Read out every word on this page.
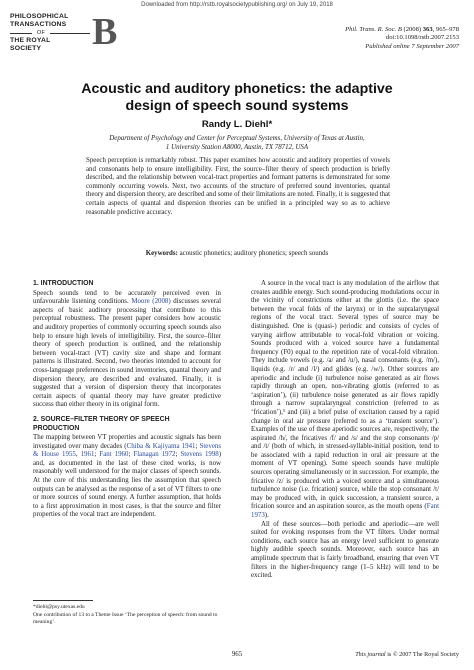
Downloaded from http://rstb.royalsocietypublishing.org/ on July 19, 2018
PHILOSOPHICAL
TRANSACTIONS
OF
THE ROYAL
SOCIETY	B	Phil. Trans. R. Soc. B (2008) 363, 965–978
doi:10.1098/rstb.2007.2153
Published online 7 September 2007
Acoustic and auditory phonetics: the adaptive
design of speech sound systems
Randy L. Diehl*
Department of Psychology and Center for Perceptual Systems, University of Texas at Austin,
1 University Station A8000, Austin, TX 78712, USA
Speech perception is remarkably robust. This paper examines how acoustic and auditory properties of vowels and consonants help to ensure intelligibility. First, the source–filter theory of speech production is briefly described, and the relationship between vocal-tract properties and formant patterns is demonstrated for some commonly occurring vowels. Next, two accounts of the structure of preferred sound inventories, quantal theory and dispersion theory, are described and some of their limitations are noted. Finally, it is suggested that certain aspects of quantal and dispersion theories can be unified in a principled way so as to achieve reasonable predictive accuracy.
Keywords: acoustic phonetics; auditory phonetics; speech sounds
1. INTRODUCTION

Speech sounds tend to be accurately perceived even in unfavourable listening conditions. Moore (2008) discusses several aspects of basic auditory processing that contribute to this perceptual robustness. The present paper considers how acoustic and auditory properties of commonly occurring speech sounds also help to ensure high levels of intelligibility. First, the source–filter theory of speech production is outlined, and the relationship between vocal-tract (VT) cavity size and shape and formant patterns is illustrated. Second, two theories intended to account for cross-language preferences in sound inventories, quantal theory and dispersion theory, are described and evaluated. Finally, it is suggested that a version of dispersion theory that incorporates certain aspects of quantal theory may have greater predictive success than either theory in its original form.

2. SOURCE–FILTER THEORY OF SPEECH
PRODUCTION

The mapping between VT properties and acoustic signals has been investigated over many decades (Chiba & Kajiyama 1941; Stevens & House 1955, 1961; Fant 1960; Flanagan 1972; Stevens 1998) and, as documented in the last of these cited works, is now reasonably well understood for the major classes of speech sounds. At the core of this understanding lies the assumption that speech outputs can be analysed as the response of a set of VT filters to one or more sources of sound energy. A further assumption, that holds to a first approximation in most cases, is that the source and filter properties of the vocal tract are independent.

A source in the vocal tract is any modulation of the airflow that creates audible energy. Such sound-producing modulations occur in the vicinity of constrictions either at the glottis (i.e. the space between the vocal folds of the larynx) or in the supralaryngeal regions of the vocal tract. Several types of source may be distinguished. One is (quasi-) periodic and consists of cycles of varying airflow attributable to vocal-fold vibration or voicing. Sounds produced with a voiced source have a fundamental frequency (F0) equal to the repetition rate of vocal-fold vibration. They include vowels (e.g. /a/ and /u/), nasal consonants (e.g. /m/), liquids (e.g. /r/ and /l/) and glides (e.g. /w/). Other sources are aperiodic and include (i) turbulence noise generated as air flows rapidly through an open, non-vibrating glottis (referred to as ‘aspiration’), (ii) turbulence noise generated as air flows rapidly through a narrow supralaryngeal constriction (referred to as ‘frication’),¹ and (iii) a brief pulse of excitation caused by a rapid change in oral air pressure (referred to as a ‘transient source’). Examples of the use of these aperiodic sources are, respectively, the aspirated /h/, the fricatives /f/ and /s/ and the stop consonants /p/ and /t/ (both of which, in stressed-syllable-initial position, tend to be associated with a rapid reduction in oral air pressure at the moment of VT opening). Some speech sounds have multiple sources operating simultaneously or in succession. For example, the fricative /z/ is produced with a voiced source and a simultaneous turbulence noise (i.e. frication) source, while the stop consonant /t/ may be produced with, in quick succession, a transient source, a frication source and an aspiration source, as the mouth opens (Fant 1973).

All of these sources—both periodic and aperiodic—are well suited for evoking responses from the VT filters. Under normal conditions, each source has an energy level sufficient to generate highly audible speech sounds. Moreover, each source has an amplitude spectrum that is fairly broadband, ensuring that even VT filters in the higher-frequency range (1–5 kHz) will tend to be excited.

*diehl@psy.utexas.edu

One contribution of 13 to a Theme Issue ‘The perception of speech: from sound to meaning’.

965	This journal is © 2007 The Royal Society
